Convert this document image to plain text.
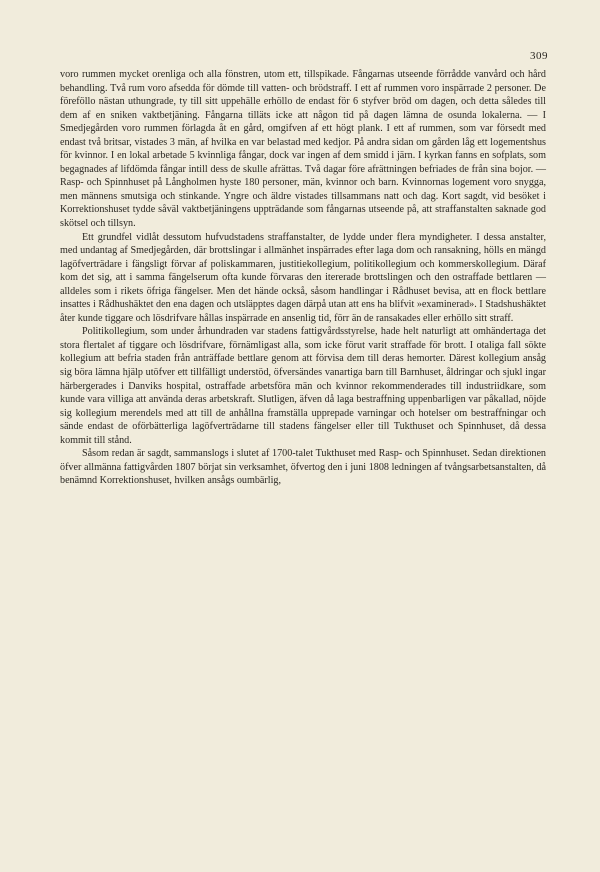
309

voro rummen mycket orenliga och alla fönstren, utom ett, tillspikade. Fångarnas utseende förrådde vanvård och hård behandling. Två rum voro afsedda för dömde till vatten- och brödstraff. I ett af rummen voro inspärrade 2 personer. De föreföllo nästan uthungrade, ty till sitt uppehälle erhöllo de endast för 6 styfver bröd om dagen, och detta således till dem af en sniken vaktbetjäning. Fångarna tilläts icke att någon tid på dagen lämna de osunda lokalerna. — I Smedjegården voro rummen förlagda åt en gård, omgifven af ett högt plank. I ett af rummen, som var försedt med endast två britsar, vistades 3 män, af hvilka en var belastad med kedjor. På andra sidan om gården låg ett logementshus för kvinnor. I en lokal arbetade 5 kvinnliga fångar, dock var ingen af dem smidd i järn. I kyrkan fanns en sofplats, som begagnades af lifdömda fångar intill dess de skulle afrättas. Två dagar före afrättningen befriades de från sina bojor. — Rasp- och Spinnhuset på Långholmen hyste 180 personer, män, kvinnor och barn. Kvinnornas logement voro snygga, men männens smutsiga och stinkande. Yngre och äldre vistades tillsammans natt och dag. Kort sagdt, vid besöket i Korrektionshuset tydde såväl vaktbetjäningens uppträdande som fångarnas utseende på, att straffanstalten saknade god skötsel och tillsyn.

Ett grundfel vidlåt dessutom hufvudstadens straffanstalter, de lydde under flera myndigheter. I dessa anstalter, med undantag af Smedjegården, där brottslingar i allmänhet inspärrades efter laga dom och ransakning, hölls en mängd lagöfverträdare i fängsligt förvar af poliskammaren, justitiekollegium, politikollegium och kommerskollegium. Däraf kom det sig, att i samma fängelserum ofta kunde förvaras den itererade brottslingen och den ostraffade bettlaren — alldeles som i rikets öfriga fängelser. Men det hände också, såsom handlingar i Rådhuset bevisa, att en flock bettlare insattes i Rådhushäktet den ena dagen och utsläpptes dagen därpå utan att ens ha blifvit »examinerad». I Stadshushäktet åter kunde tiggare och lösdrifvare hållas inspärrade en ansenlig tid, förr än de ransakades eller erhöllo sitt straff.

Politikollegium, som under århundraden var stadens fattigvårdsstyrelse, hade helt naturligt att omhändertaga det stora flertalet af tiggare och lösdrifvare, förnämligast alla, som icke förut varit straffade för brott. I otaliga fall sökte kollegium att befria staden från anträffade bettlare genom att förvisa dem till deras hemorter. Därest kollegium ansåg sig böra lämna hjälp utöfver ett tillfälligt understöd, öfversändes vanartiga barn till Barnhuset, åldringar och sjukl ingar härbergerades i Danviks hospital, ostraffade arbetsföra män och kvinnor rekommenderades till industriidkare, som kunde vara villiga att använda deras arbetskraft. Slutligen, äfven då laga bestraffning uppenbarligen var påkallad, nöjde sig kollegium merendels med att till de anhållna framställa upprepade varningar och hotelser om bestraffningar och sände endast de oförbätterliga lagöfverträdarne till stadens fängelser eller till Tukthuset och Spinnhuset, då dessa kommit till stånd.

Såsom redan är sagdt, sammanslogs i slutet af 1700-talet Tukthuset med Rasp- och Spinnhuset. Sedan direktionen öfver allmänna fattigvården 1807 börjat sin verksamhet, öfvertog den i juni 1808 ledningen af tvångsarbetsanstalten, då benämnd Korrektionshuset, hvilken ansågs oumbärlig,
